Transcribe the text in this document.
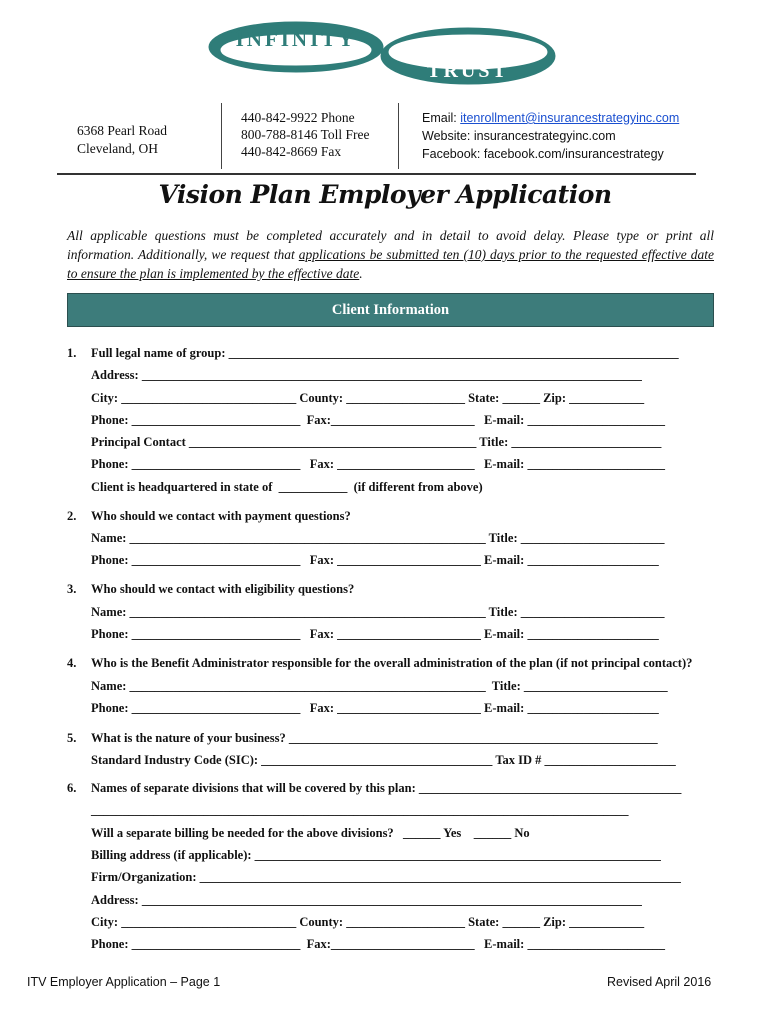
INFINITY
TRUST
6368 Pearl Road
Cleveland, OH
440-842-9922 Phone
800-788-8146 Toll Free
440-842-8669 Fax
Email: itenrollment@insurancestrategyinc.com
Website: insurancestrategyinc.com
Facebook: facebook.com/insurancestrategy
Vision Plan Employer Application
All applicable questions must be completed accurately and in detail to avoid delay. Please type or print all information. Additionally, we request that applications be submitted ten (10) days prior to the requested effective date to ensure the plan is implemented by the effective date.
Client Information
1.
2.
3.
4.
5.
6.
Full legal name of group: ________________________________________________________________________
Address: ________________________________________________________________________________
City: ____________________________ County: ___________________ State: ______ Zip: ____________
Phone: ___________________________  Fax:_______________________   E-mail: ______________________
Principal Contact ______________________________________________ Title: ________________________
Phone: ___________________________   Fax: ______________________   E-mail: ______________________
Client is headquartered in state of  ___________  (if different from above)
Who should we contact with payment questions?
Name: _________________________________________________________ Title: _______________________
Phone: ___________________________   Fax: _______________________ E-mail: _____________________
Who should we contact with eligibility questions?
Name: _________________________________________________________ Title: _______________________
Phone: ___________________________   Fax: _______________________ E-mail: _____________________
Who is the Benefit Administrator responsible for the overall administration of the plan (if not principal contact)?
Name: _________________________________________________________  Title: _______________________
Phone: ___________________________   Fax: _______________________ E-mail: _____________________
What is the nature of your business? ___________________________________________________________
Standard Industry Code (SIC): _____________________________________ Tax ID # _____________________
Names of separate divisions that will be covered by this plan: __________________________________________
______________________________________________________________________________________
Will a separate billing be needed for the above divisions?   ______ Yes    ______ No
Billing address (if applicable): _________________________________________________________________
Firm/Organization: _____________________________________________________________________________
Address: ________________________________________________________________________________
City: ____________________________ County: ___________________ State: ______ Zip: ____________
Phone: ___________________________  Fax:_______________________   E-mail: ______________________
ITV Employer Application – Page 1	Revised April 2016
